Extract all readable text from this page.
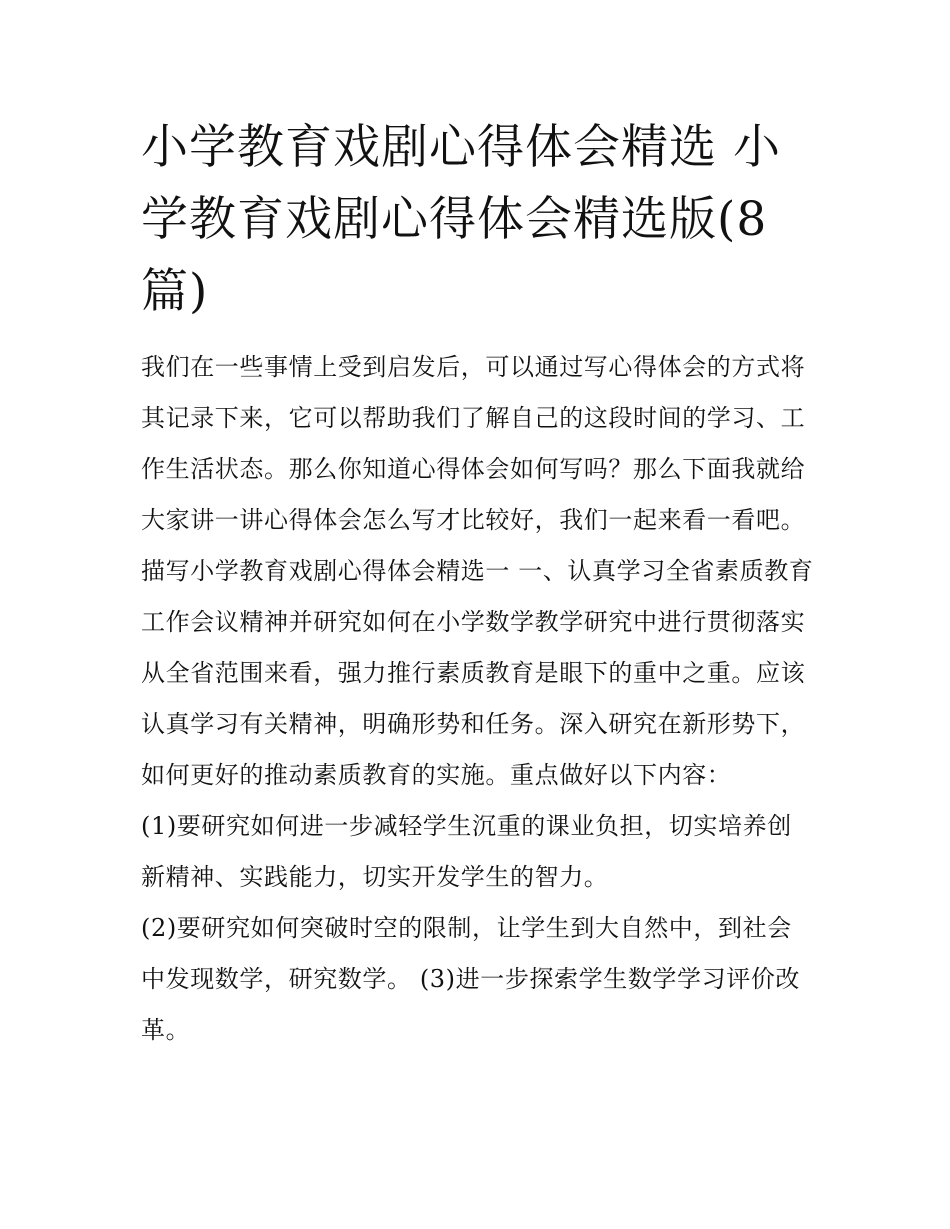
小学教育戏剧心得体会精选 小学教育戏剧心得体会精选版(8篇)

我们在一些事情上受到启发后，可以通过写心得体会的方式将其记录下来，它可以帮助我们了解自己的这段时间的学习、工作生活状态。那么你知道心得体会如何写吗？那么下面我就给大家讲一讲心得体会怎么写才比较好，我们一起来看一看吧。

描写小学教育戏剧心得体会精选一 一、认真学习全省素质教育工作会议精神并研究如何在小学数学教学研究中进行贯彻落实

从全省范围来看，强力推行素质教育是眼下的重中之重。应该认真学习有关精神，明确形势和任务。深入研究在新形势下，如何更好的推动素质教育的实施。重点做好以下内容：

(1)要研究如何进一步减轻学生沉重的课业负担，切实培养创新精神、实践能力，切实开发学生的智力。

(2)要研究如何突破时空的限制，让学生到大自然中，到社会中发现数学，研究数学。 (3)进一步探索学生数学学习评价改革。
